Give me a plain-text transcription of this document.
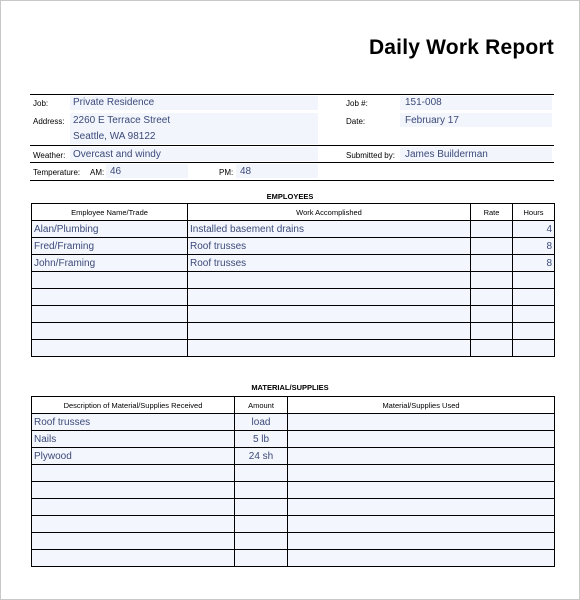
Daily Work Report
Job: Private Residence
Address: 2260 E Terrace Street
Seattle, WA 98122
Job #:	151-008
Date:	February 17
Weather: Overcast and windy	Submitted by: James Builderman
Temperature: AM: 46	PM: 48
EMPLOYEES
Employee Name/Trade	Work Accomplished	Rate	Hours
Alan/Plumbing	Installed basement drains		4
Fred/Framing	Roof trusses		8
John/Framing	Roof trusses		8

MATERIAL/SUPPLIES
Description of Material/Supplies Received	Amount	Material/Supplies Used
Roof trusses	load	
Nails	5 lb	
Plywood	24 sh	
